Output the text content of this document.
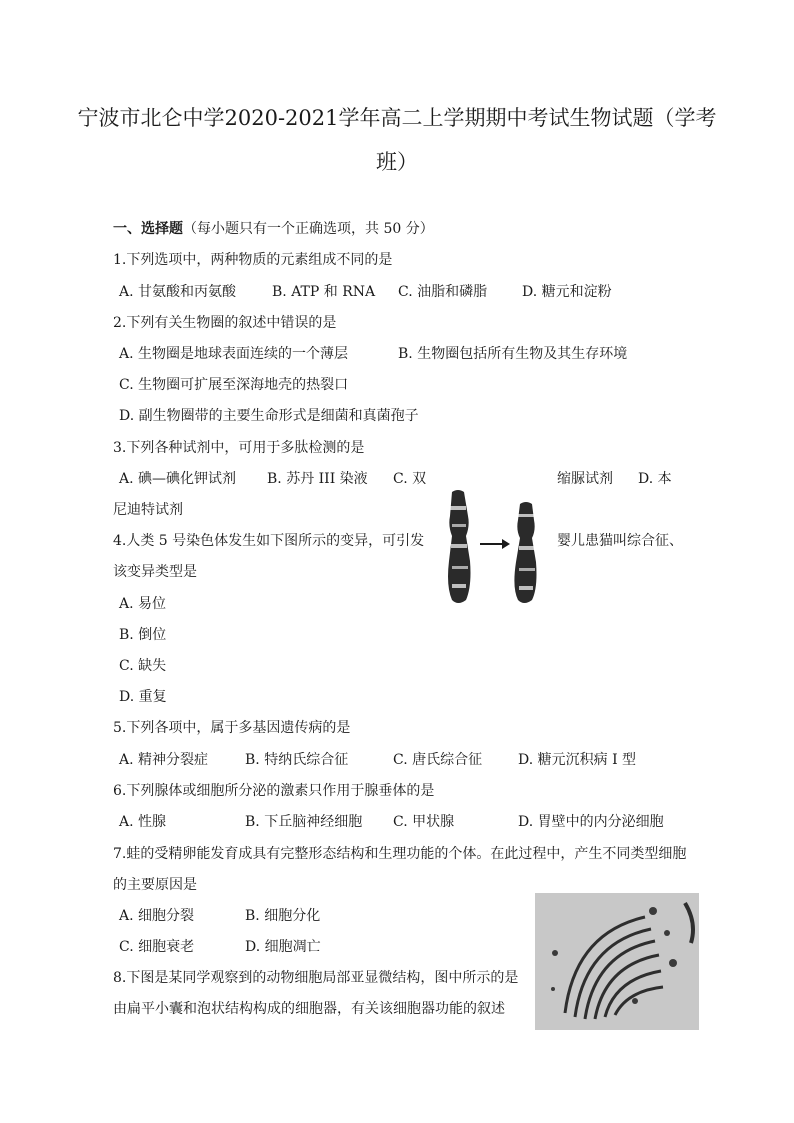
宁波市北仑中学2020-2021学年高二上学期期中考试生物试题（学考
班）
一、选择题（每小题只有一个正确选项，共 50 分）
1.下列选项中，两种物质的元素组成不同的是
A. 甘氨酸和丙氨酸	B. ATP 和 RNA C. 油脂和磷脂 D. 糖元和淀粉
2.下列有关生物圈的叙述中错误的是
A. 生物圈是地球表面连续的一个薄层	B. 生物圈包括所有生物及其生存环境
C. 生物圈可扩展至深海地壳的热裂口
D. 副生物圈带的主要生命形式是细菌和真菌孢子
3.下列各种试剂中，可用于多肽检测的是
A. 碘—碘化钾试剂 B. 苏丹 III 染液 C. 双	缩脲试剂 D. 本
尼迪特试剂
4.人类 5 号染色体发生如下图所示的变异，可引发	婴儿患猫叫综合征、
该变异类型是
A. 易位
B. 倒位
C. 缺失
D. 重复
5.下列各项中，属于多基因遗传病的是
A. 精神分裂症	B. 特纳氏综合征	C. 唐氏综合征	D. 糖元沉积病 I 型
6.下列腺体或细胞所分泌的激素只作用于腺垂体的是
A. 性腺	B. 下丘脑神经细胞 C. 甲状腺	D. 胃壁中的内分泌细胞
7.蛙的受精卵能发育成具有完整形态结构和生理功能的个体。在此过程中，产生不同类型细胞
的主要原因是
A. 细胞分裂	B. 细胞分化
C. 细胞衰老	D. 细胞凋亡
8.下图是某同学观察到的动物细胞局部亚显微结构，图中所示的是
由扁平小囊和泡状结构构成的细胞器，有关该细胞器功能的叙述
